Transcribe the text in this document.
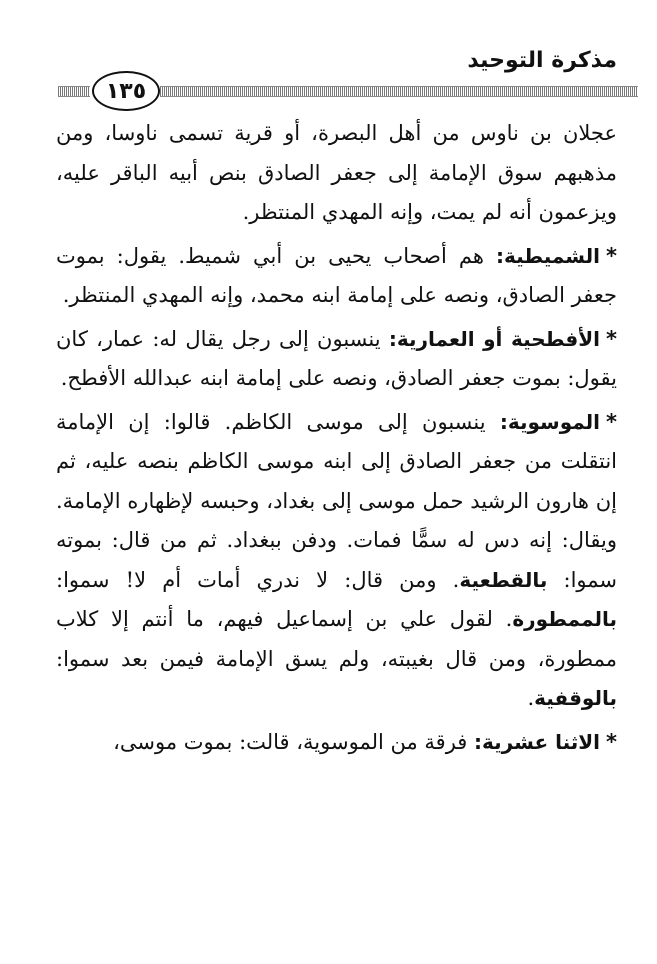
مذكرة التوحيد
١٣٥

عجلان بن ناوس من أهل البصرة، أو قرية تسمى ناوسا، ومن مذهبهم سوق الإمامة إلى جعفر الصادق بنص أبيه الباقر عليه، ويزعمون أنه لم يمت، وإنه المهدي المنتظر.

*الشميطية: هم أصحاب يحيى بن أبي شميط. يقول: بموت جعفر الصادق، ونصه على إمامة ابنه محمد، وإنه المهدي المنتظر.

*الأفطحية أو العمارية: ينسبون إلى رجل يقال له: عمار، كان يقول: بموت جعفر الصادق، ونصه على إمامة ابنه عبدالله الأفطح.

*الموسوية: ينسبون إلى موسى الكاظم. قالوا: إن الإمامة انتقلت من جعفر الصادق إلى ابنه موسى الكاظم بنصه عليه، ثم إن هارون الرشيد حمل موسى إلى بغداد، وحبسه لإظهاره الإمامة. ويقال: إنه دس له سمًّا فمات. ودفن ببغداد. ثم من قال: بموته سموا: بالقطعية. ومن قال: لا ندري أمات أم لا! سموا: بالممطورة. لقول علي بن إسماعيل فيهم، ما أنتم إلا كلاب ممطورة، ومن قال بغيبته، ولم يسق الإمامة فيمن بعد سموا: بالوقفية.

*الاثنا عشرية: فرقة من الموسوية، قالت: بموت موسى،
